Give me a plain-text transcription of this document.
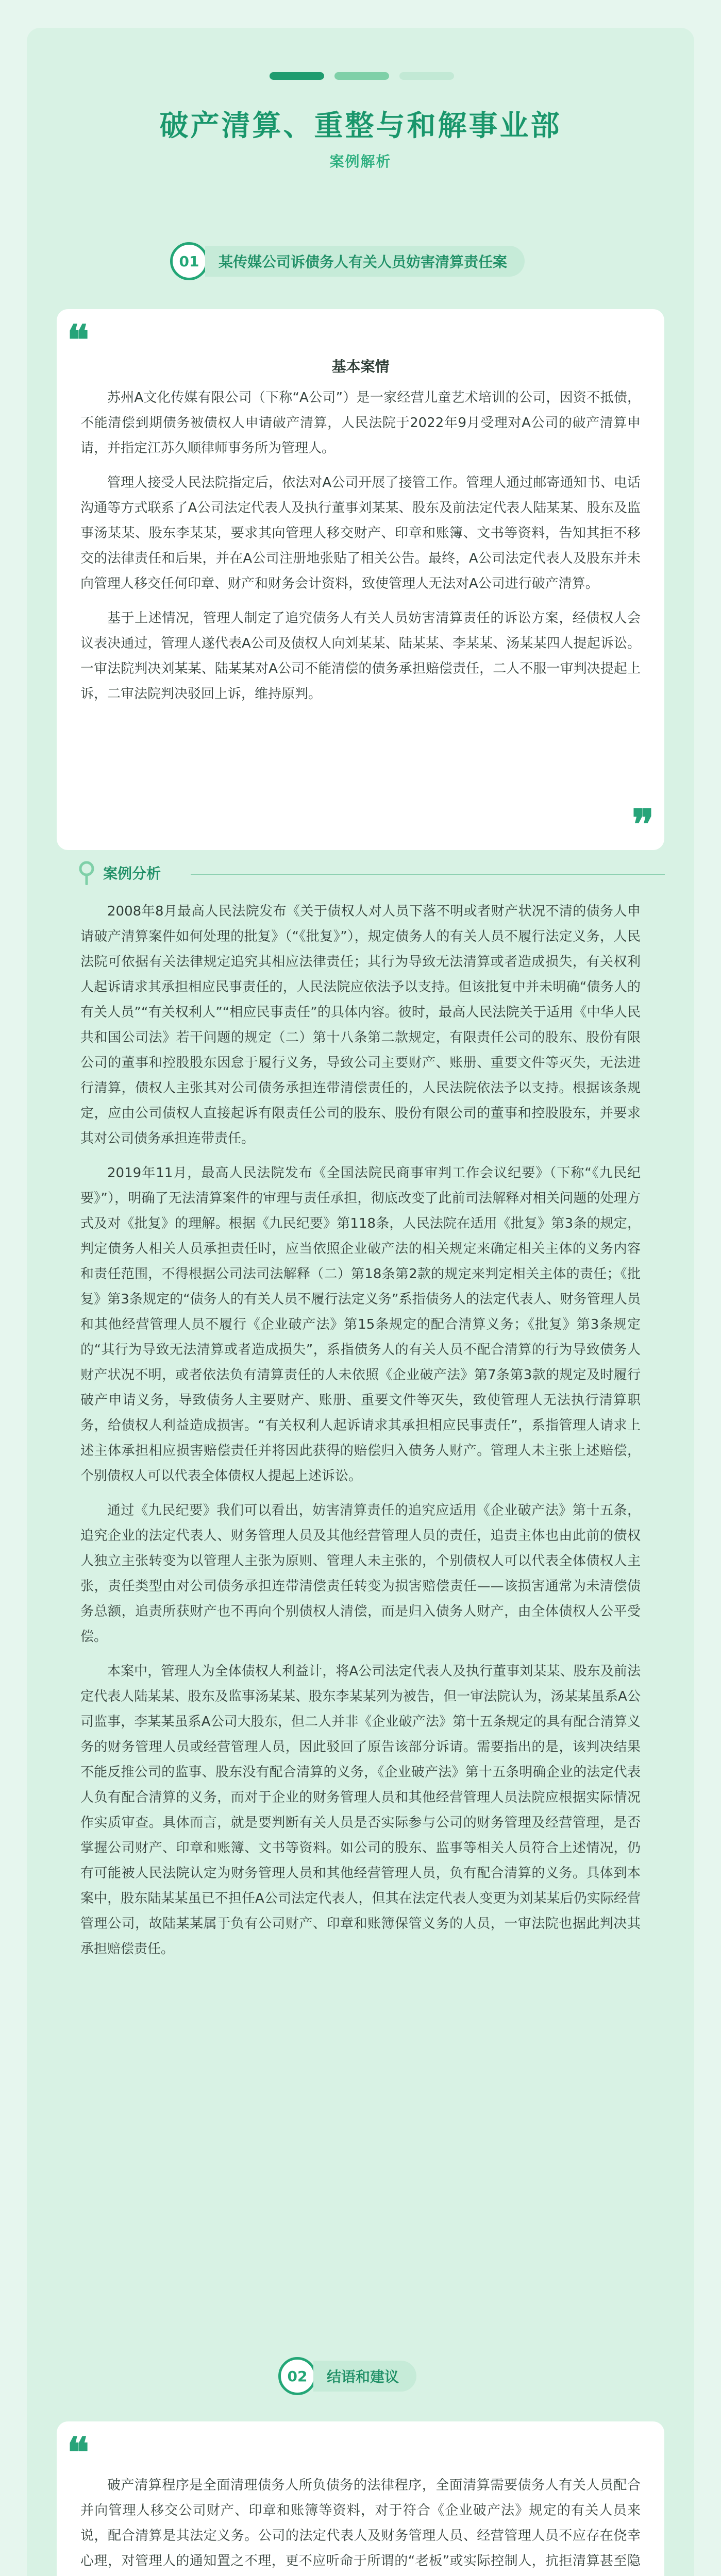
破产清算、重整与和解事业部
案例解析
01	某传媒公司诉债务人有关人员妨害清算责任案
❝
基本案情

苏州A文化传媒有限公司（下称“A公司”）是一家经营儿童艺术培训的公司，因资不抵债，不能清偿到期债务被债权人申请破产清算，人民法院于2022年9月受理对A公司的破产清算申请，并指定江苏久顺律师事务所为管理人。

管理人接受人民法院指定后，依法对A公司开展了接管工作。管理人通过邮寄通知书、电话沟通等方式联系了A公司法定代表人及执行董事刘某某、股东及前法定代表人陆某某、股东及监事汤某某、股东李某某，要求其向管理人移交财产、印章和账簿、文书等资料，告知其拒不移交的法律责任和后果，并在A公司注册地张贴了相关公告。最终，A公司法定代表人及股东并未向管理人移交任何印章、财产和财务会计资料，致使管理人无法对A公司进行破产清算。

基于上述情况，管理人制定了追究债务人有关人员妨害清算责任的诉讼方案，经债权人会议表决通过，管理人遂代表A公司及债权人向刘某某、陆某某、李某某、汤某某四人提起诉讼。一审法院判决刘某某、陆某某对A公司不能清偿的债务承担赔偿责任，二人不服一审判决提起上诉，二审法院判决驳回上诉，维持原判。

❞
案例分析

2008年8月最高人民法院发布《关于债权人对人员下落不明或者财产状况不清的债务人申请破产清算案件如何处理的批复》（“《批复》”），规定债务人的有关人员不履行法定义务，人民法院可依据有关法律规定追究其相应法律责任；其行为导致无法清算或者造成损失，有关权利人起诉请求其承担相应民事责任的，人民法院应依法予以支持。但该批复中并未明确“债务人的有关人员”“有关权利人”“相应民事责任”的具体内容。彼时，最高人民法院关于适用《中华人民共和国公司法》若干问题的规定（二）第十八条第二款规定，有限责任公司的股东、股份有限公司的董事和控股股东因怠于履行义务，导致公司主要财产、账册、重要文件等灭失，无法进行清算，债权人主张其对公司债务承担连带清偿责任的，人民法院依法予以支持。根据该条规定，应由公司债权人直接起诉有限责任公司的股东、股份有限公司的董事和控股股东，并要求其对公司债务承担连带责任。

2019年11月，最高人民法院发布《全国法院民商事审判工作会议纪要》（下称“《九民纪要》”），明确了无法清算案件的审理与责任承担，彻底改变了此前司法解释对相关问题的处理方式及对《批复》的理解。根据《九民纪要》第118条，人民法院在适用《批复》第3条的规定，判定债务人相关人员承担责任时，应当依照企业破产法的相关规定来确定相关主体的义务内容和责任范围，不得根据公司法司法解释（二）第18条第2款的规定来判定相关主体的责任；《批复》第3条规定的“债务人的有关人员不履行法定义务”系指债务人的法定代表人、财务管理人员和其他经营管理人员不履行《企业破产法》第15条规定的配合清算义务；《批复》第3条规定的“其行为导致无法清算或者造成损失”，系指债务人的有关人员不配合清算的行为导致债务人财产状况不明，或者依法负有清算责任的人未依照《企业破产法》第7条第3款的规定及时履行破产申请义务，导致债务人主要财产、账册、重要文件等灭失，致使管理人无法执行清算职务，给债权人利益造成损害。“有关权利人起诉请求其承担相应民事责任”，系指管理人请求上述主体承担相应损害赔偿责任并将因此获得的赔偿归入债务人财产。管理人未主张上述赔偿，个别债权人可以代表全体债权人提起上述诉讼。

通过《九民纪要》我们可以看出，妨害清算责任的追究应适用《企业破产法》第十五条，追究企业的法定代表人、财务管理人员及其他经营管理人员的责任，追责主体也由此前的债权人独立主张转变为以管理人主张为原则、管理人未主张的，个别债权人可以代表全体债权人主张，责任类型由对公司债务承担连带清偿责任转变为损害赔偿责任——该损害通常为未清偿债务总额，追责所获财产也不再向个别债权人清偿，而是归入债务人财产，由全体债权人公平受偿。

本案中，管理人为全体债权人利益计，将A公司法定代表人及执行董事刘某某、股东及前法定代表人陆某某、股东及监事汤某某、股东李某某列为被告，但一审法院认为，汤某某虽系A公司监事，李某某虽系A公司大股东，但二人并非《企业破产法》第十五条规定的具有配合清算义务的财务管理人员或经营管理人员，因此驳回了原告该部分诉请。需要指出的是，该判决结果不能反推公司的监事、股东没有配合清算的义务，《企业破产法》第十五条明确企业的法定代表人负有配合清算的义务，而对于企业的财务管理人员和其他经营管理人员法院应根据实际情况作实质审查。具体而言，就是要判断有关人员是否实际参与公司的财务管理及经营管理，是否掌握公司财产、印章和账簿、文书等资料。如公司的股东、监事等相关人员符合上述情况，仍有可能被人民法院认定为财务管理人员和其他经营管理人员，负有配合清算的义务。具体到本案中，股东陆某某虽已不担任A公司法定代表人，但其在法定代表人变更为刘某某后仍实际经营管理公司，故陆某某属于负有公司财产、印章和账簿保管义务的人员，一审法院也据此判决其承担赔偿责任。

02	结语和建议
❝

破产清算程序是全面清理债务人所负债务的法律程序，全面清算需要债务人有关人员配合并向管理人移交公司财产、印章和账簿等资料，对于符合《企业破产法》规定的有关人员来说，配合清算是其法定义务。公司的法定代表人及财务管理人员、经营管理人员不应存在侥幸心理，对管理人的通知置之不理，更不应听命于所谓的“老板”或实际控制人，抗拒清算甚至隐
